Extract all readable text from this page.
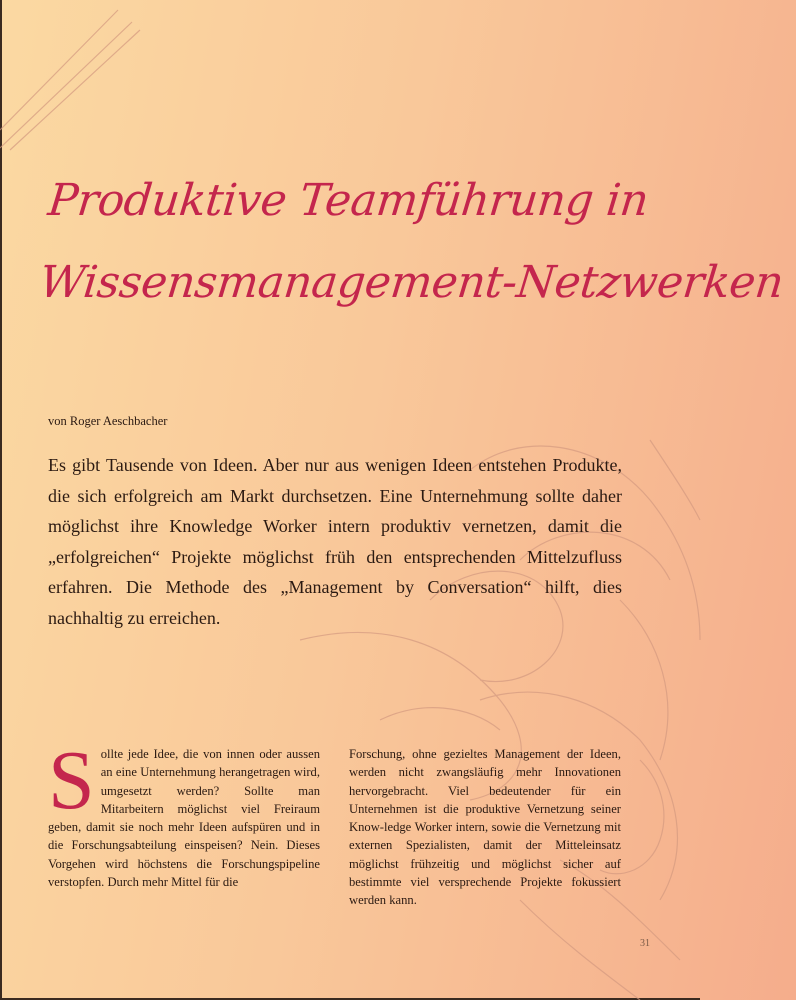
Produktive Teamführung in
Wissensmanagement-Netzwerken
von Roger Aeschbacher

Es gibt Tausende von Ideen. Aber nur aus wenigen Ideen entstehen Produkte, die sich erfolgreich am Markt durchsetzen. Eine Unternehmung sollte daher möglichst ihre Knowledge Worker intern produktiv vernetzen, damit die „erfolgreichen“ Projekte möglichst früh den entsprechenden Mittelzufluss erfahren. Die Methode des „Management by Conversation“ hilft, dies nachhaltig zu erreichen.

S ollte jede Idee, die von innen oder aussen an eine Unternehmung herangetragen wird, umgesetzt werden? Sollte man Mitarbeitern möglichst viel Freiraum geben, damit sie noch mehr Ideen aufspüren und in die Forschungsabteilung einspeisen? Nein. Dieses Vorgehen wird höchstens die Forschungspipeline verstopfen. Durch mehr Mittel für die

Forschung, ohne gezieltes Management der Ideen, werden nicht zwangsläufig mehr Innovationen hervorgebracht. Viel bedeutender für ein Unternehmen ist die produktive Vernetzung seiner Know-ledge Worker intern, sowie die Vernetzung mit externen Spezialisten, damit der Mitteleinsatz möglichst frühzeitig und möglichst sicher auf bestimmte viel versprechende Projekte fokussiert werden kann.

31
